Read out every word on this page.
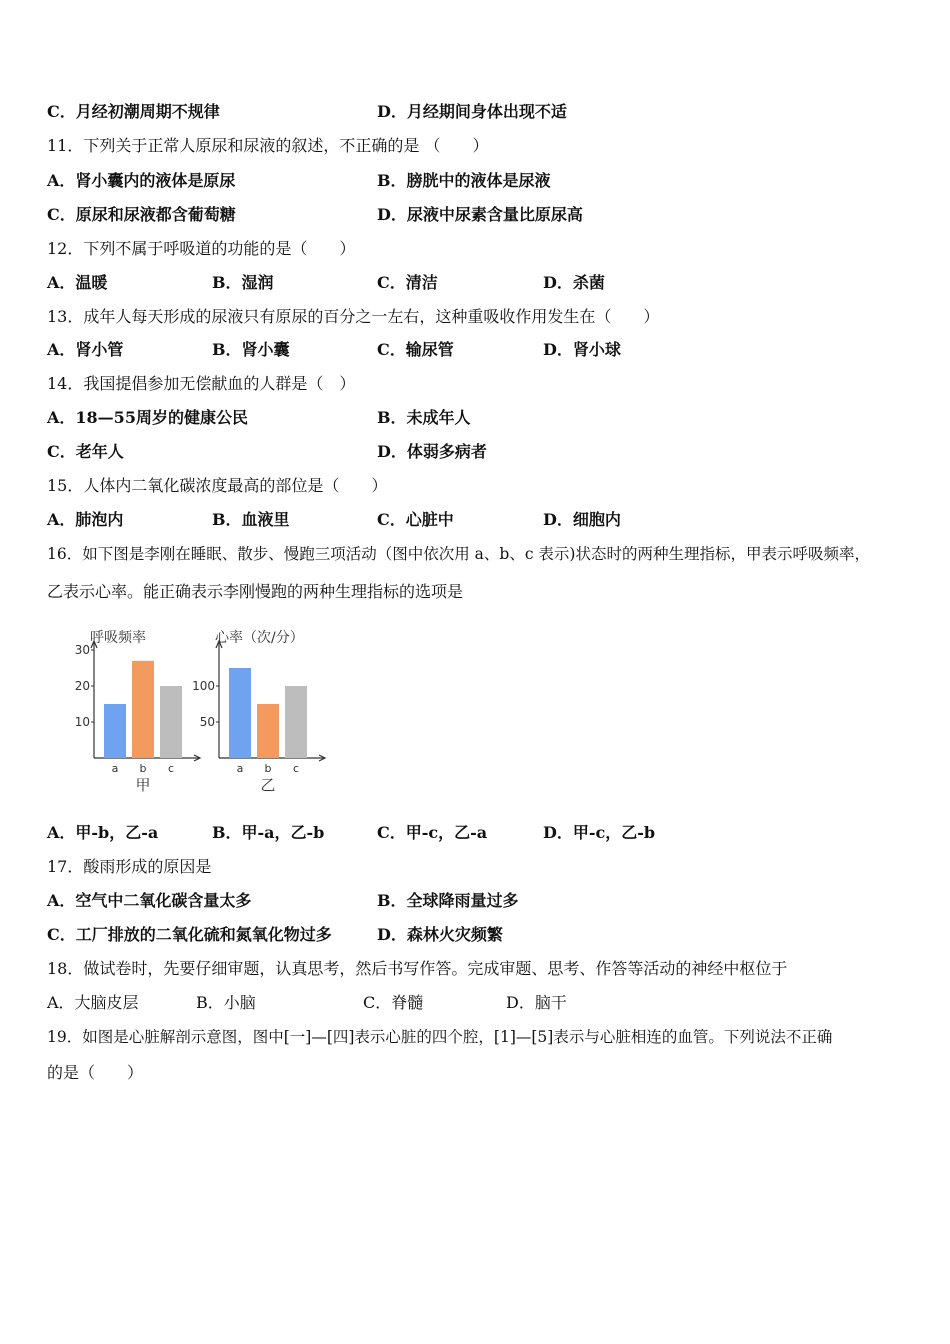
C．月经初潮周期不规律	D．月经期间身体出现不适
11．下列关于正常人原尿和尿液的叙述，不正确的是 （　　）
A．肾小囊内的液体是原尿	B．膀胱中的液体是尿液
C．原尿和尿液都含葡萄糖	D．尿液中尿素含量比原尿高
12．下列不属于呼吸道的功能的是（　　）
A．温暖	B．湿润	C．清洁	D．杀菌
13．成年人每天形成的尿液只有原尿的百分之一左右，这种重吸收作用发生在（　　）
A．肾小管	B．肾小囊	C．输尿管	D．肾小球
14．我国提倡参加无偿献血的人群是（　）
A．18—55周岁的健康公民	B．未成年人
C．老年人	D．体弱多病者
15．人体内二氧化碳浓度最高的部位是（　　）
A．肺泡内	B．血液里	C．心脏中	D．细胞内
16．如下图是李刚在睡眠、散步、慢跑三项活动（图中依次用 a、b、c 表示)状态时的两种生理指标，甲表示呼吸频率，
乙表示心率。能正确表示李刚慢跑的两种生理指标的选项是
呼吸频率
10
20
30
a b c
甲
心率（次/分）
50
100
a b c
乙
A．甲-b，乙-a	B．甲-a，乙-b	C．甲-c，乙-a	D．甲-c，乙-b
17．酸雨形成的原因是
A．空气中二氧化碳含量太多	B．全球降雨量过多
C．工厂排放的二氧化硫和氮氧化物过多	D．森林火灾频繁
18．做试卷时，先要仔细审题，认真思考，然后书写作答。完成审题、思考、作答等活动的神经中枢位于
A．大脑皮层	B．小脑	C．脊髓	D．脑干
19．如图是心脏解剖示意图，图中[一]—[四]表示心脏的四个腔，[1]—[5]表示与心脏相连的血管。下列说法不正确
的是（　　）
